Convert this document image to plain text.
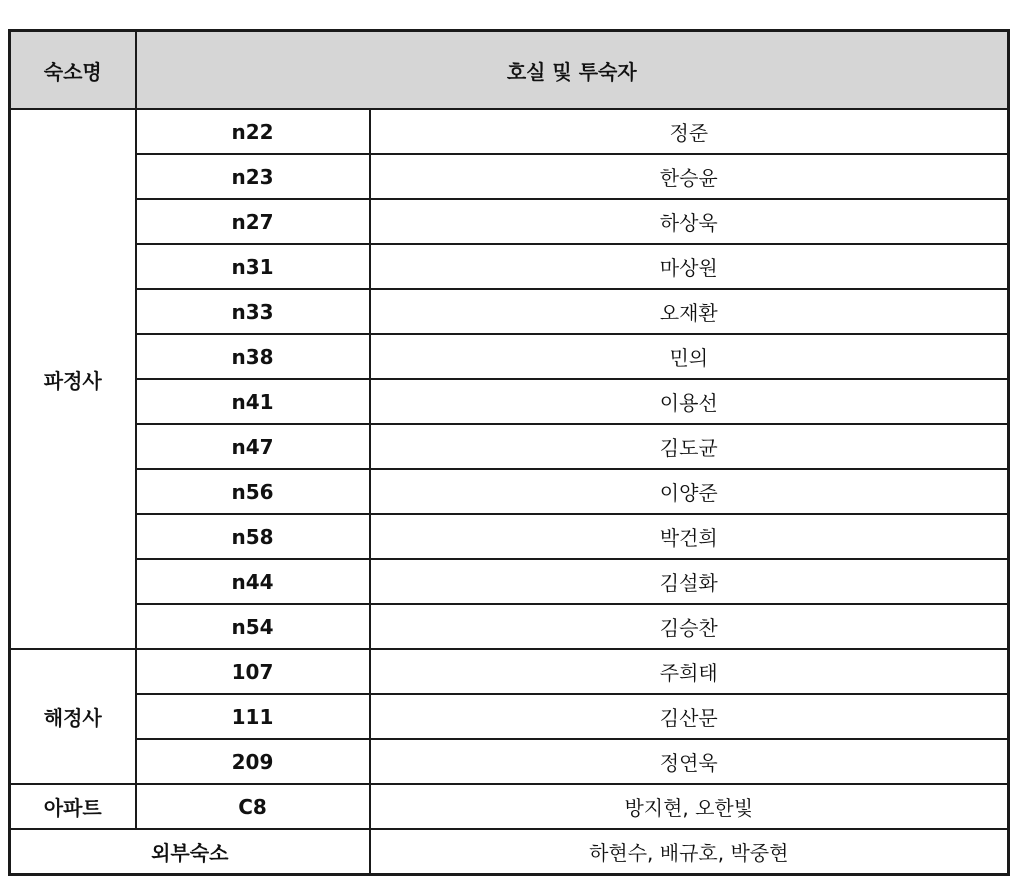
숙소명	호실 및 투숙자	
파정사	n22	정준
	n23	한승윤
	n27	하상욱
	n31	마상원
	n33	오재환
	n38	민의
	n41	이용선
	n47	김도균
	n56	이양준
	n58	박건희
	n44	김설화
	n54	김승찬
해정사	107	주희태
	111	김산문
	209	정연욱
아파트	C8	방지현, 오한빛
외부숙소		하현수, 배규호, 박중현
